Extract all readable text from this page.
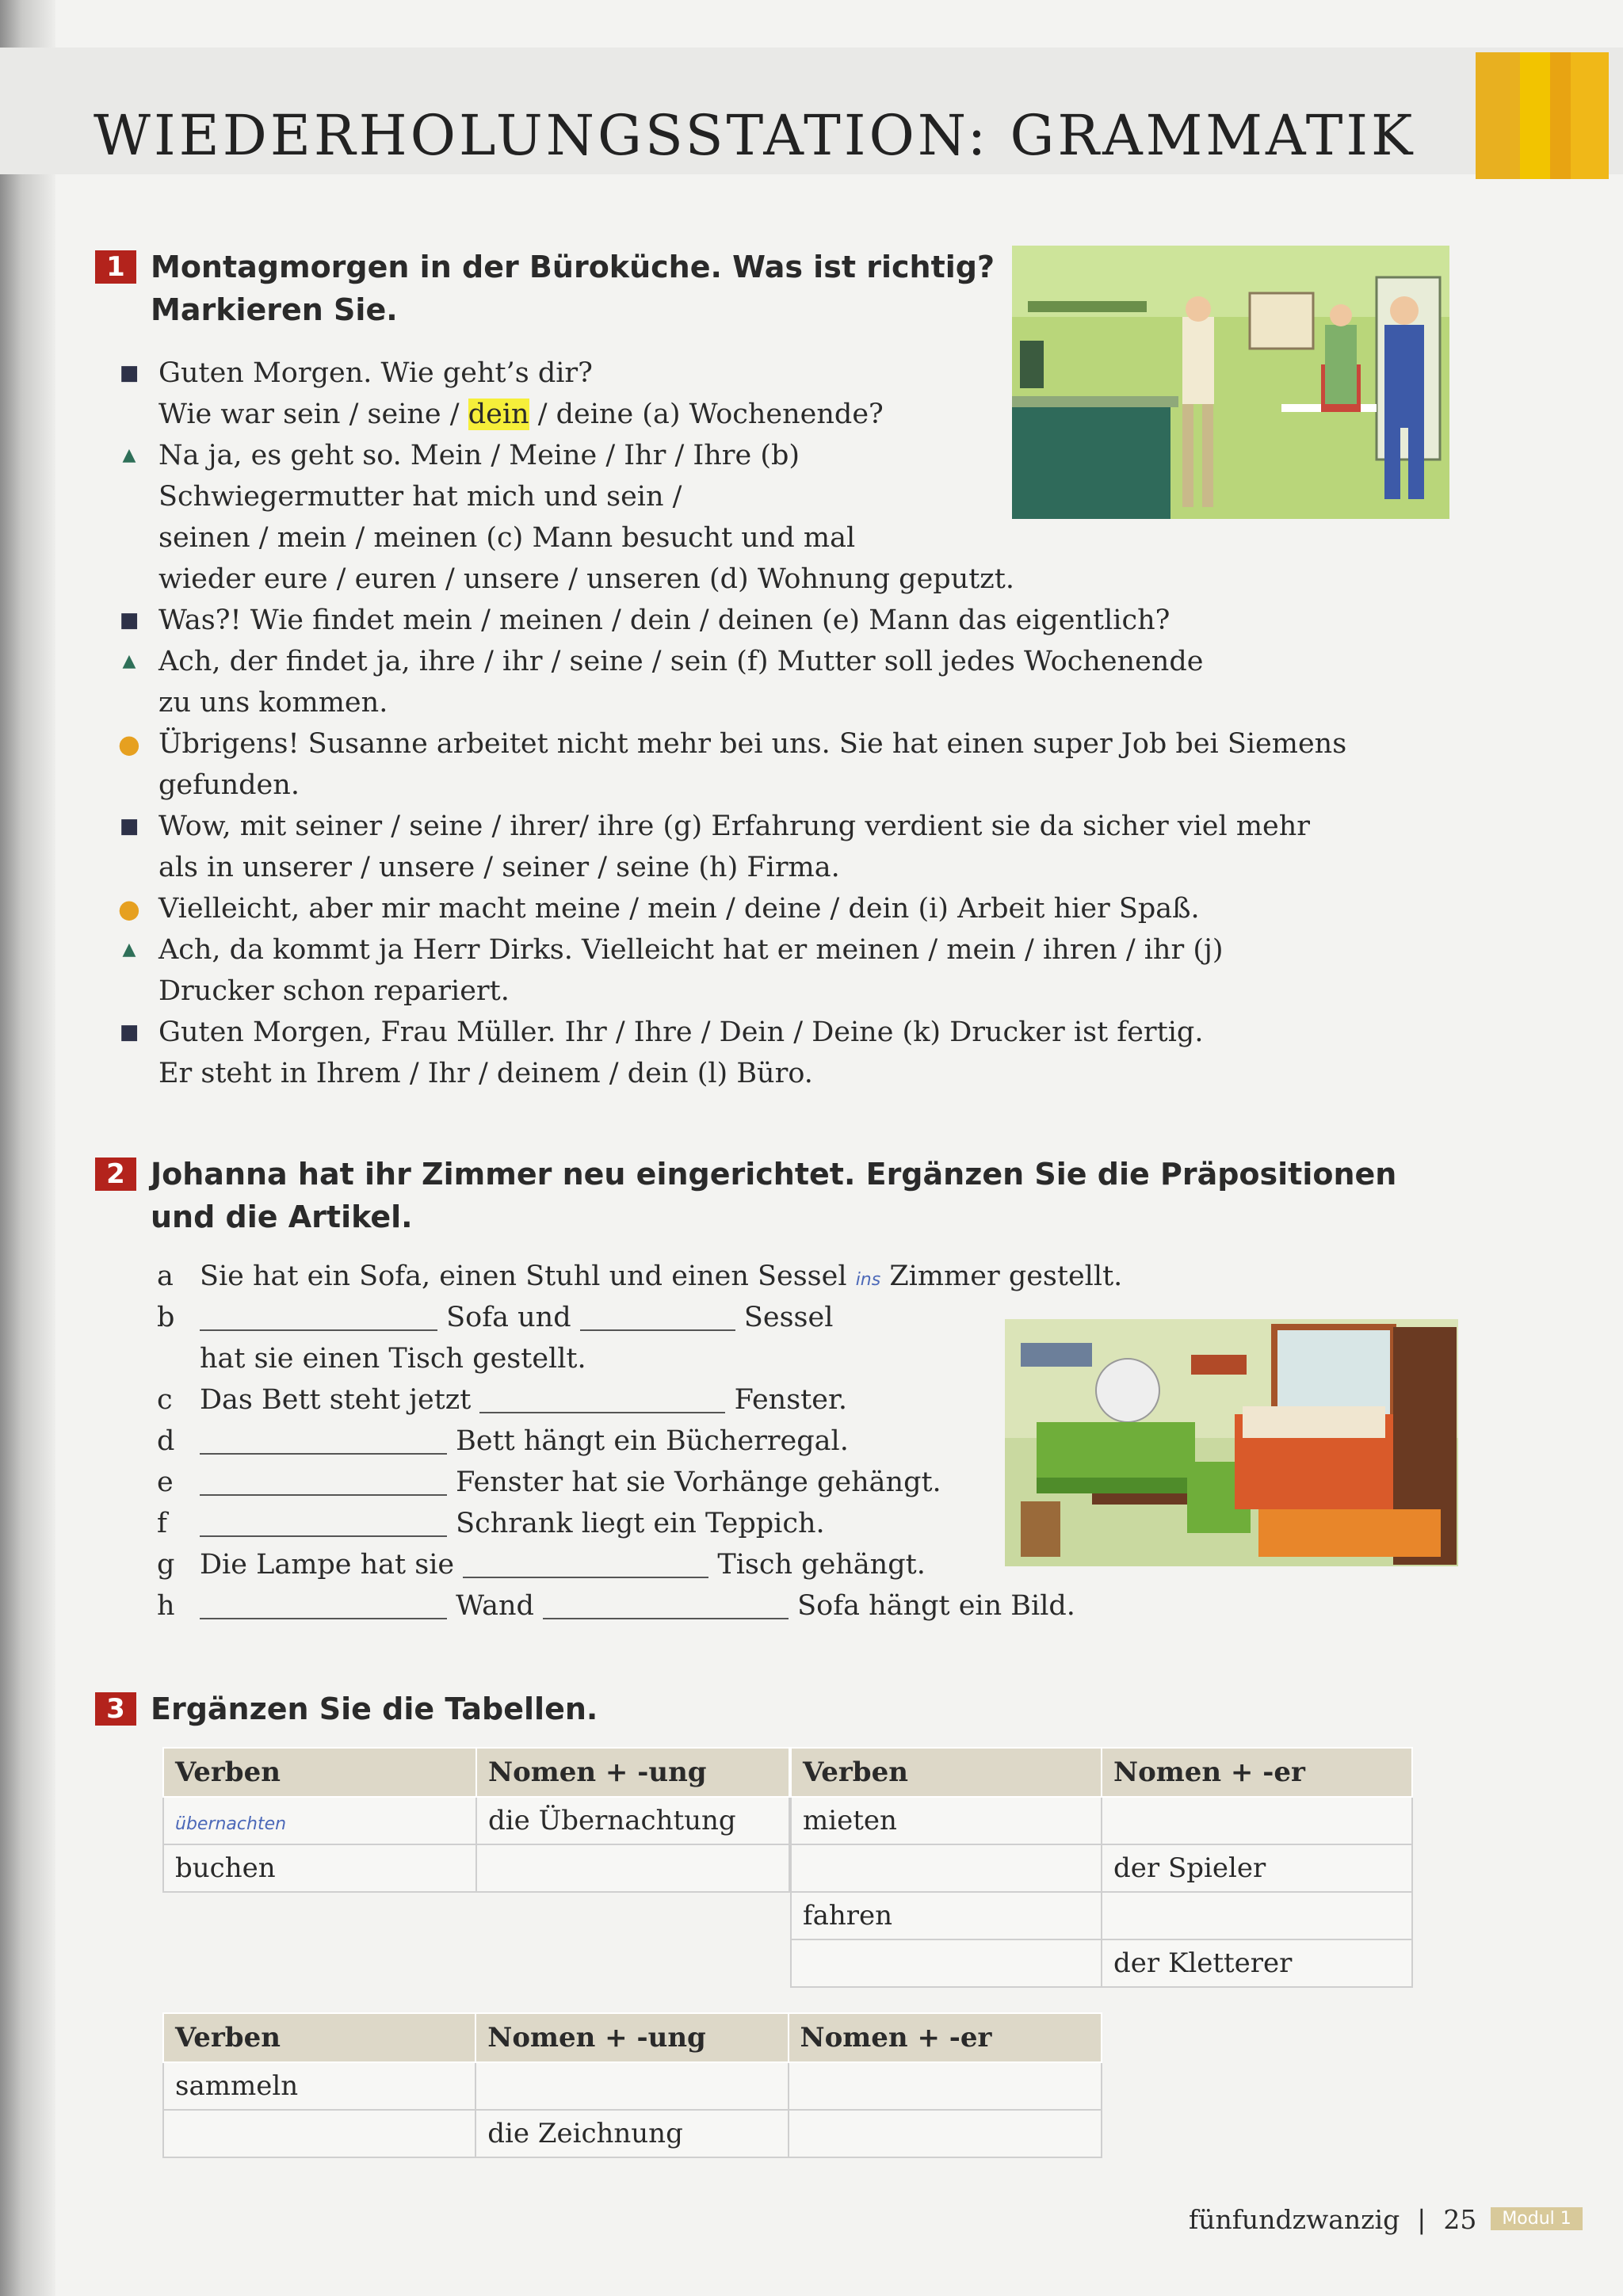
WIEDERHOLUNGSSTATION: GRAMMATIK
1 Montagmorgen in der Büroküche. Was ist richtig?
Markieren Sie.
■ Guten Morgen. Wie geht’s dir?
Wie war sein / seine / dein / deine (a) Wochenende?
▲ Na ja, es geht so. Mein / Meine / Ihr / Ihre (b)
Schwiegermutter hat mich und sein /
seinen / mein / meinen (c) Mann besucht und mal
wieder eure / euren / unsere / unseren (d) Wohnung geputzt.
■ Was?! Wie findet mein / meinen / dein / deinen (e) Mann das eigentlich?
▲ Ach, der findet ja, ihre / ihr / seine / sein (f) Mutter soll jedes Wochenende
zu uns kommen.
● Übrigens! Susanne arbeitet nicht mehr bei uns. Sie hat einen super Job bei Siemens
gefunden.
■ Wow, mit seiner / seine / ihrer/ ihre (g) Erfahrung verdient sie da sicher viel mehr
als in unserer / unsere / seiner / seine (h) Firma.
● Vielleicht, aber mir macht meine / mein / deine / dein (i) Arbeit hier Spaß.
▲ Ach, da kommt ja Herr Dirks. Vielleicht hat er meinen / mein / ihren / ihr (j)
Drucker schon repariert.
■ Guten Morgen, Frau Müller. Ihr / Ihre / Dein / Deine (k) Drucker ist fertig.
Er steht in Ihrem / Ihr / deinem / dein (l) Büro.
2 Johanna hat ihr Zimmer neu eingerichtet. Ergänzen Sie die Präpositionen
und die Artikel.
a Sie hat ein Sofa, einen Stuhl und einen Sessel ins Zimmer gestellt.
b	Sofa und	Sessel
hat sie einen Tisch gestellt.
c Das Bett steht jetzt	Fenster.
d	Bett hängt ein Bücherregal.
e	Fenster hat sie Vorhänge gehängt.
f	Schrank liegt ein Teppich.
g Die Lampe hat sie	Tisch gehängt.
h	Wand	Sofa hängt ein Bild.
3 Ergänzen Sie die Tabellen.
Verben	Nomen + -ung
übernachten	die Übernachtung
buchen	
Verben	Nomen + -er
mieten	
	der Spieler
fahren	
	der Kletterer
Verben	Nomen + -ung	Nomen + -er
sammeln		
	die Zeichnung	
fünfundzwanzig | 25 Modul 1
